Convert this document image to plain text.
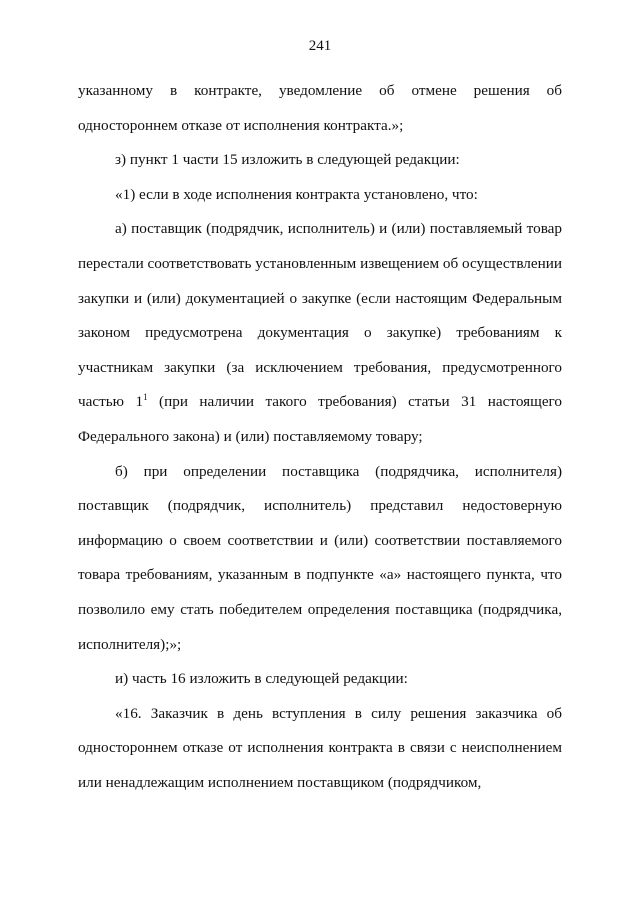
241

указанному в контракте, уведомление об отмене решения об одностороннем отказе от исполнения контракта.»;

з) пункт 1 части 15 изложить в следующей редакции:

«1) если в ходе исполнения контракта установлено, что:

а) поставщик (подрядчик, исполнитель) и (или) поставляемый товар перестали соответствовать установленным извещением об осуществлении закупки и (или) документацией о закупке (если настоящим Федеральным законом предусмотрена документация о закупке) требованиям к участникам закупки (за исключением требования, предусмотренного частью $1^1$ (при наличии такого требования) статьи 31 настоящего Федерального закона) и (или) поставляемому товару;

б) при определении поставщика (подрядчика, исполнителя) поставщик (подрядчик, исполнитель) представил недостоверную информацию о своем соответствии и (или) соответствии поставляемого товара требованиям, указанным в подпункте «а» настоящего пункта, что позволило ему стать победителем определения поставщика (подрядчика, исполнителя);»;

и) часть 16 изложить в следующей редакции:

«16. Заказчик в день вступления в силу решения заказчика об одностороннем отказе от исполнения контракта в связи с неисполнением или ненадлежащим исполнением поставщиком (подрядчиком,
